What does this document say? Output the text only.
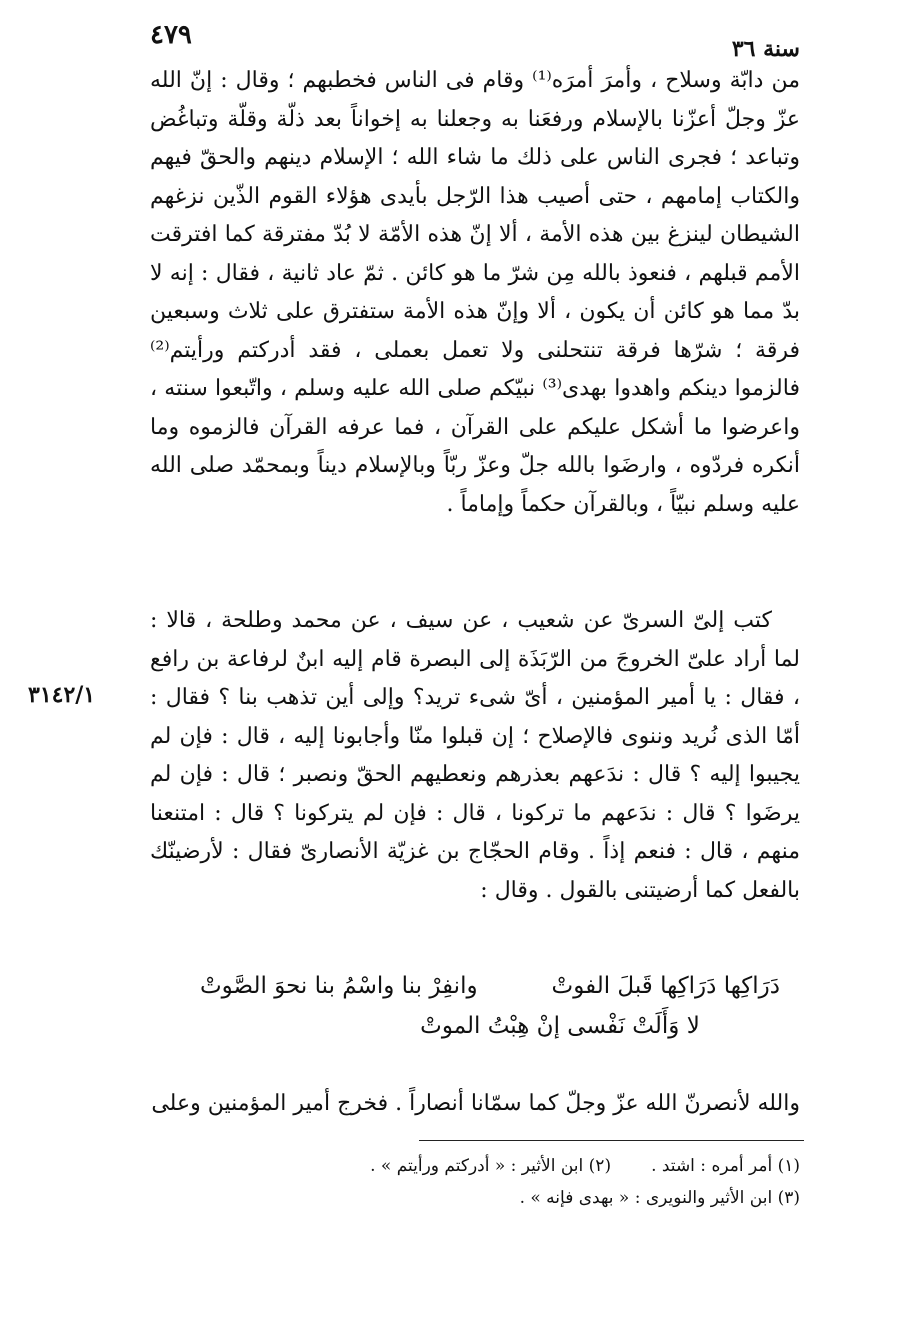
٤٧٩	سنة ٣٦

من دابّة وسلاح ، وأمرَ أمرَه⁽¹⁾ وقام فى الناس فخطبهم ؛ وقال : إنّ الله عزّ وجلّ أعزّنا بالإسلام ورفعَنا به وجعلنا به إخواناً بعد ذلّة وقلّة وتباغُض وتباعد ؛ فجرى الناس على ذلك ما شاء الله ؛ الإسلام دينهم والحقّ فيهم والكتاب إمامهم ، حتى أصيب هذا الرّجل بأيدى هؤلاء القوم الذّين نزغهم الشيطان لينزغ بين هذه الأمة ، ألا إنّ هذه الأمّة لا بُدّ مفترقة كما افترقت الأمم قبلهم ، فنعوذ بالله مِن شرّ ما هو كائن . ثمّ عاد ثانية ، فقال : إنه لا بدّ مما هو كائن أن يكون ، ألا وإنّ هذه الأمة ستفترق على ثلاث وسبعين فرقة ؛ شرّها فرقة تنتحلنى ولا تعمل بعملى ، فقد أدركتم ورأيتم⁽²⁾ فالزموا دينكم واهدوا بهدى⁽³⁾ نبيّكم صلى الله عليه وسلم ، واتّبعوا سنته ، واعرضوا ما أشكل عليكم على القرآن ، فما عرفه القرآن فالزموه وما أنكره فردّوه ، وارضَوا بالله جلّ وعزّ ربّاً وبالإسلام ديناً وبمحمّد صلى الله عليه وسلم نبيّاً ، وبالقرآن حكماً وإماماً .

كتب إلىّ السرىّ عن شعيب ، عن سيف ، عن محمد وطلحة ، قالا : لما أراد علىّ الخروجَ من الرّبَذَة إلى البصرة قام إليه ابنٌ لرفاعة بن رافع ، فقال : يا أمير المؤمنين ، أىّ شىء تريد؟ وإلى أين تذهب بنا ؟ فقال : أمّا الذى نُريد وننوى فالإصلاح ؛ إن قبلوا منّا وأجابونا إليه ، قال : فإن لم يجيبوا إليه ؟ قال : ندَعهم بعذرهم ونعطيهم الحقّ ونصبر ؛ قال : فإن لم يرضَوا ؟ قال : ندَعهم ما تركونا ، قال : فإن لم يتركونا ؟ قال : امتنعنا منهم ، قال : فنعم إذاً . وقام الحجّاج بن غزيّة الأنصارىّ فقال : لأرضينّك بالفعل كما أرضيتنى بالقول . وقال :

٣١٤٢/١
دَرَاكِها دَرَاكِها قَبلَ الفوتْ
وانفِرْ بنا واسْمُ بنا نحوَ الصَّوتْ
لا وَأَلَتْ نَفْسى إنْ هِبْتُ الموتْ
والله لأنصرنّ الله عزّ وجلّ كما سمّانا أنصاراً . فخرج أمير المؤمنين وعلى
(١) أمر أمره : اشتد .
(٢) ابن الأثير : « أدركتم ورأيتم » .
(٣) ابن الأثير والنويرى : « بهدى فإنه » .
